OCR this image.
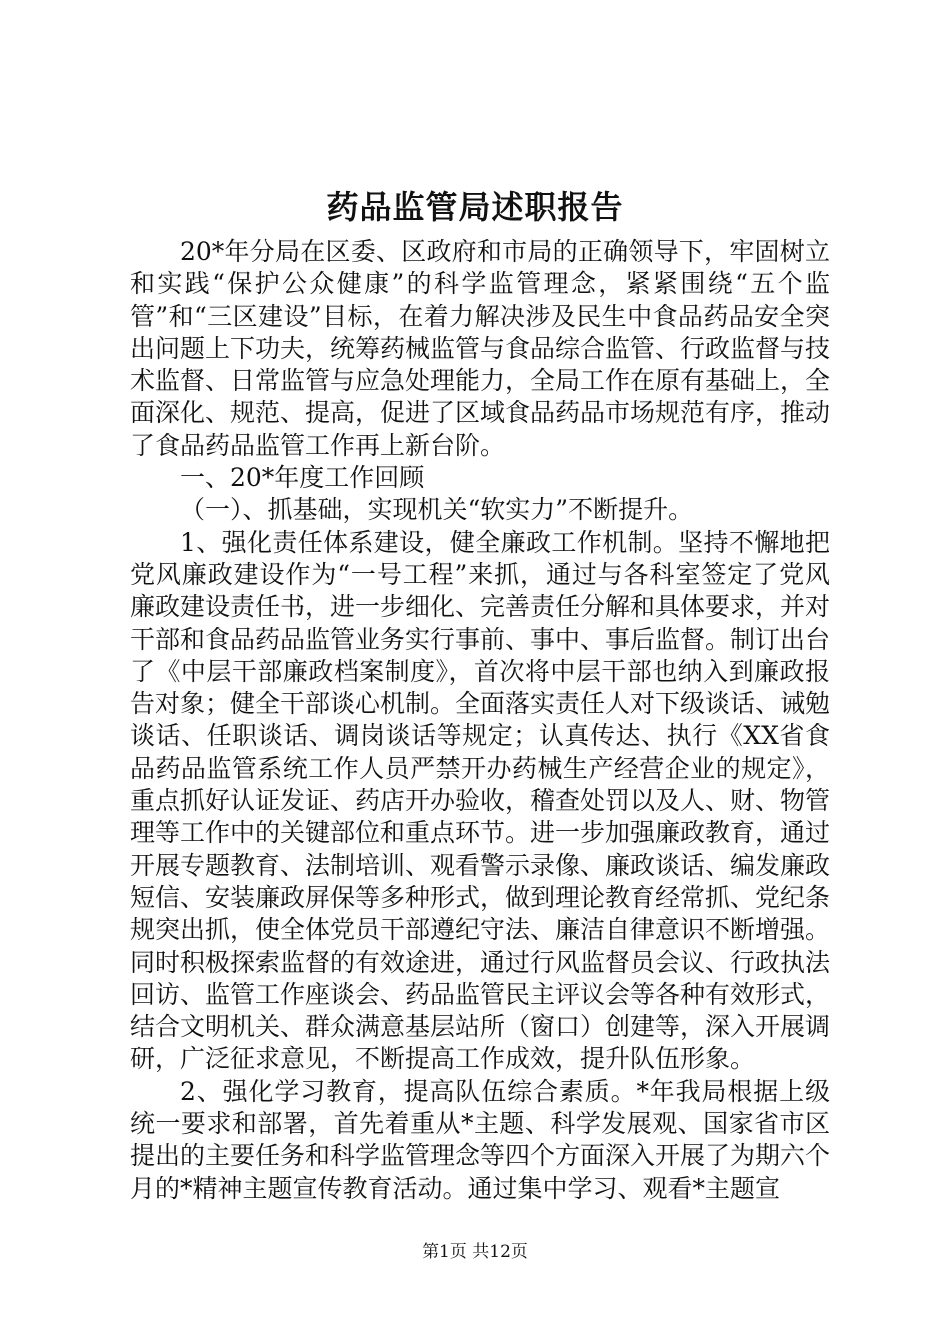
药品监管局述职报告

20*年分局在区委、区政府和市局的正确领导下，牢固树立和实践“保护公众健康”的科学监管理念，紧紧围绕“五个监管”和“三区建设”目标，在着力解决涉及民生中食品药品安全突出问题上下功夫，统筹药械监管与食品综合监管、行政监督与技术监督、日常监管与应急处理能力，全局工作在原有基础上，全面深化、规范、提高，促进了区域食品药品市场规范有序，推动了食品药品监管工作再上新台阶。

一、20*年度工作回顾

（一）、抓基础，实现机关“软实力”不断提升。

1、强化责任体系建设，健全廉政工作机制。坚持不懈地把党风廉政建设作为“一号工程”来抓，通过与各科室签定了党风廉政建设责任书，进一步细化、完善责任分解和具体要求，并对干部和食品药品监管业务实行事前、事中、事后监督。制订出台了《中层干部廉政档案制度》，首次将中层干部也纳入到廉政报告对象；健全干部谈心机制。全面落实责任人对下级谈话、诫勉谈话、任职谈话、调岗谈话等规定；认真传达、执行《XX省食品药品监管系统工作人员严禁开办药械生产经营企业的规定》，重点抓好认证发证、药店开办验收，稽查处罚以及人、财、物管理等工作中的关键部位和重点环节。进一步加强廉政教育，通过开展专题教育、法制培训、观看警示录像、廉政谈话、编发廉政短信、安装廉政屏保等多种形式，做到理论教育经常抓、党纪条规突出抓，使全体党员干部遵纪守法、廉洁自律意识不断增强。同时积极探索监督的有效途进，通过行风监督员会议、行政执法回访、监管工作座谈会、药品监管民主评议会等各种有效形式，结合文明机关、群众满意基层站所（窗口）创建等，深入开展调研，广泛征求意见，不断提高工作成效，提升队伍形象。

2、强化学习教育，提高队伍综合素质。*年我局根据上级统一要求和部署，首先着重从*主题、科学发展观、国家省市区提出的主要任务和科学监管理念等四个方面深入开展了为期六个月的*精神主题宣传教育活动。通过集中学习、观看*主题宣

第1页 共12页
